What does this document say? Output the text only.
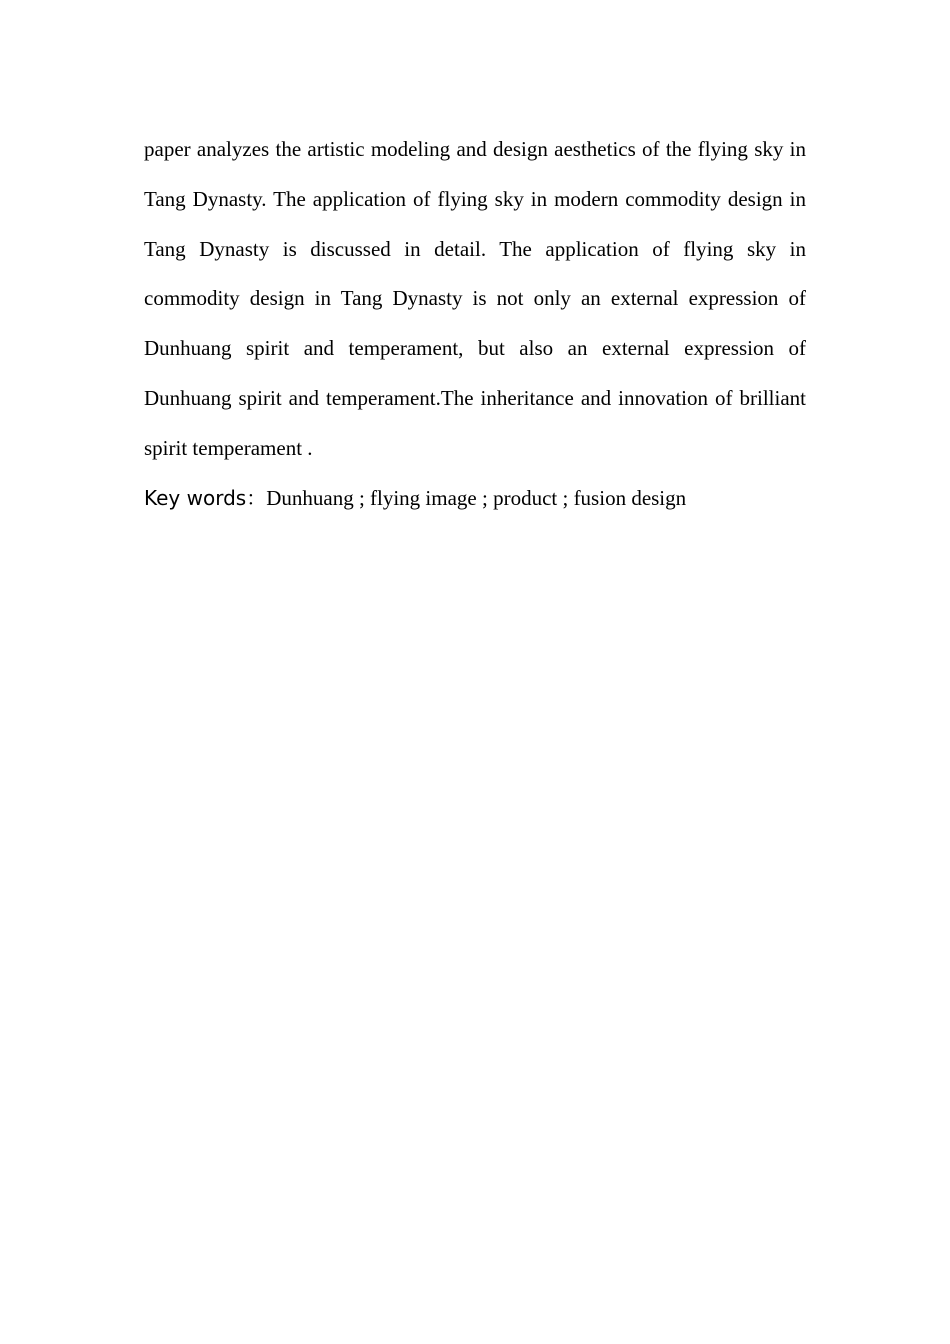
paper analyzes the artistic modeling and design aesthetics of the flying sky in Tang Dynasty. The application of flying sky in modern commodity design in Tang Dynasty is discussed in detail. The application of flying sky in commodity design in Tang Dynasty is not only an external expression of Dunhuang spirit and temperament, but also an external expression of Dunhuang spirit and temperament.The inheritance and innovation of brilliant spirit temperament .

Key words：Dunhuang ; flying image ; product ; fusion design
